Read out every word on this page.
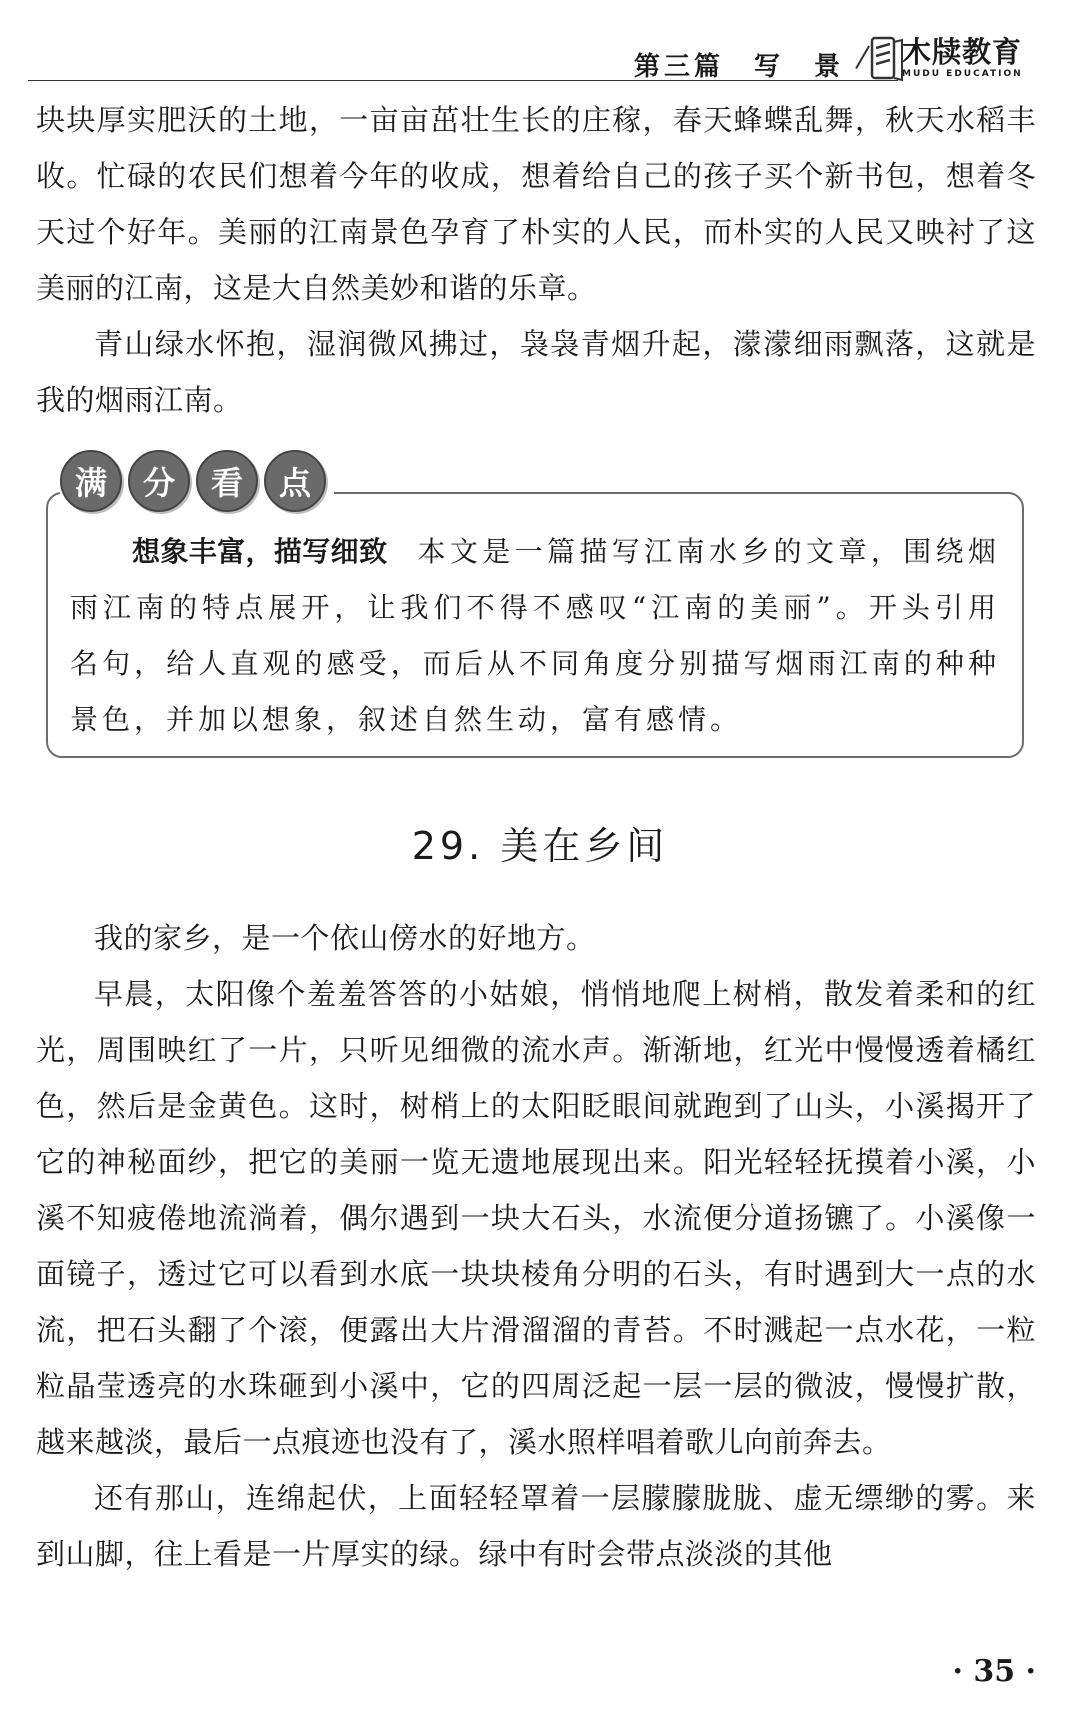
第三篇　写　景 木牍教育
MUDU EDUCATION

块块厚实肥沃的土地，一亩亩茁壮生长的庄稼，春天蜂蝶乱舞，秋天水稻丰收。忙碌的农民们想着今年的收成，想着给自己的孩子买个新书包，想着冬天过个好年。美丽的江南景色孕育了朴实的人民，而朴实的人民又映衬了这美丽的江南，这是大自然美妙和谐的乐章。

青山绿水怀抱，湿润微风拂过，袅袅青烟升起，濛濛细雨飘落，这就是我的烟雨江南。

满	分	看	点
想象丰富，描写细致 本文是一篇描写江南水乡的文章，围绕烟雨江南的特点展开，让我们不得不感叹“江南的美丽”。开头引用名句，给人直观的感受，而后从不同角度分别描写烟雨江南的种种景色，并加以想象，叙述自然生动，富有感情。
29. 美在乡间

我的家乡，是一个依山傍水的好地方。

早晨，太阳像个羞羞答答的小姑娘，悄悄地爬上树梢，散发着柔和的红光，周围映红了一片，只听见细微的流水声。渐渐地，红光中慢慢透着橘红色，然后是金黄色。这时，树梢上的太阳眨眼间就跑到了山头，小溪揭开了它的神秘面纱，把它的美丽一览无遗地展现出来。阳光轻轻抚摸着小溪，小溪不知疲倦地流淌着，偶尔遇到一块大石头，水流便分道扬镳了。小溪像一面镜子，透过它可以看到水底一块块棱角分明的石头，有时遇到大一点的水流，把石头翻了个滚，便露出大片滑溜溜的青苔。不时溅起一点水花，一粒粒晶莹透亮的水珠砸到小溪中，它的四周泛起一层一层的微波，慢慢扩散，越来越淡，最后一点痕迹也没有了，溪水照样唱着歌儿向前奔去。

还有那山，连绵起伏，上面轻轻罩着一层朦朦胧胧、虚无缥缈的雾。来到山脚，往上看是一片厚实的绿。绿中有时会带点淡淡的其他

· 35 ·
